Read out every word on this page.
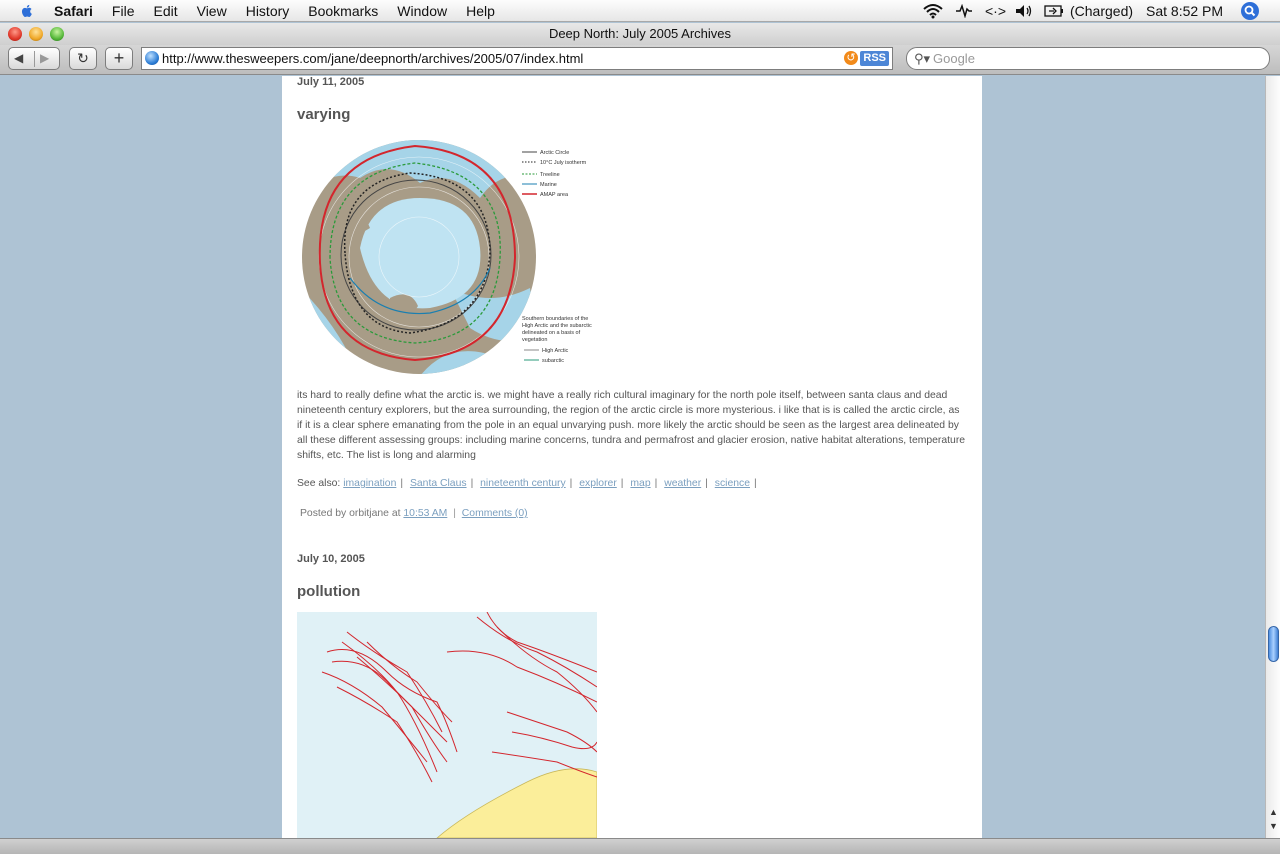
Safari File Edit View History Bookmarks Window Help	<·>	(Charged) Sat 8:52 PM
Deep North: July 2005 Archives
◀ ▶	↻	+	http://www.thesweepers.com/jane/deepnorth/archives/2005/07/index.html	↺ RSS ⚲▾ Google
July 11, 2005
varying
Arctic Circle
10°C July isotherm
Treeline
Marine
AMAP area
Southern boundaries of the High Arctic and the subarctic delineated on a basis of vegetation
High Arctic
subarctic
its hard to really define what the arctic is. we might have a really rich cultural imaginary for the north pole itself, between santa claus and dead nineteenth century explorers, but the area surrounding, the region of the arctic circle is more mysterious. i like that is is called the arctic circle, as if it is a clear sphere emanating from the pole in an equal unvarying push. more likely the arctic should be seen as the largest area delineated by all these different assessing groups: including marine concerns, tundra and permafrost and glacier erosion, native habitat alterations, temperature shifts, etc. The list is long and alarming
See also: imagination | Santa Claus | nineteenth century | explorer | map | weather | science |
Posted by orbitjane at 10:53 AM | Comments (0)
July 10, 2005
pollution
▲
▼
